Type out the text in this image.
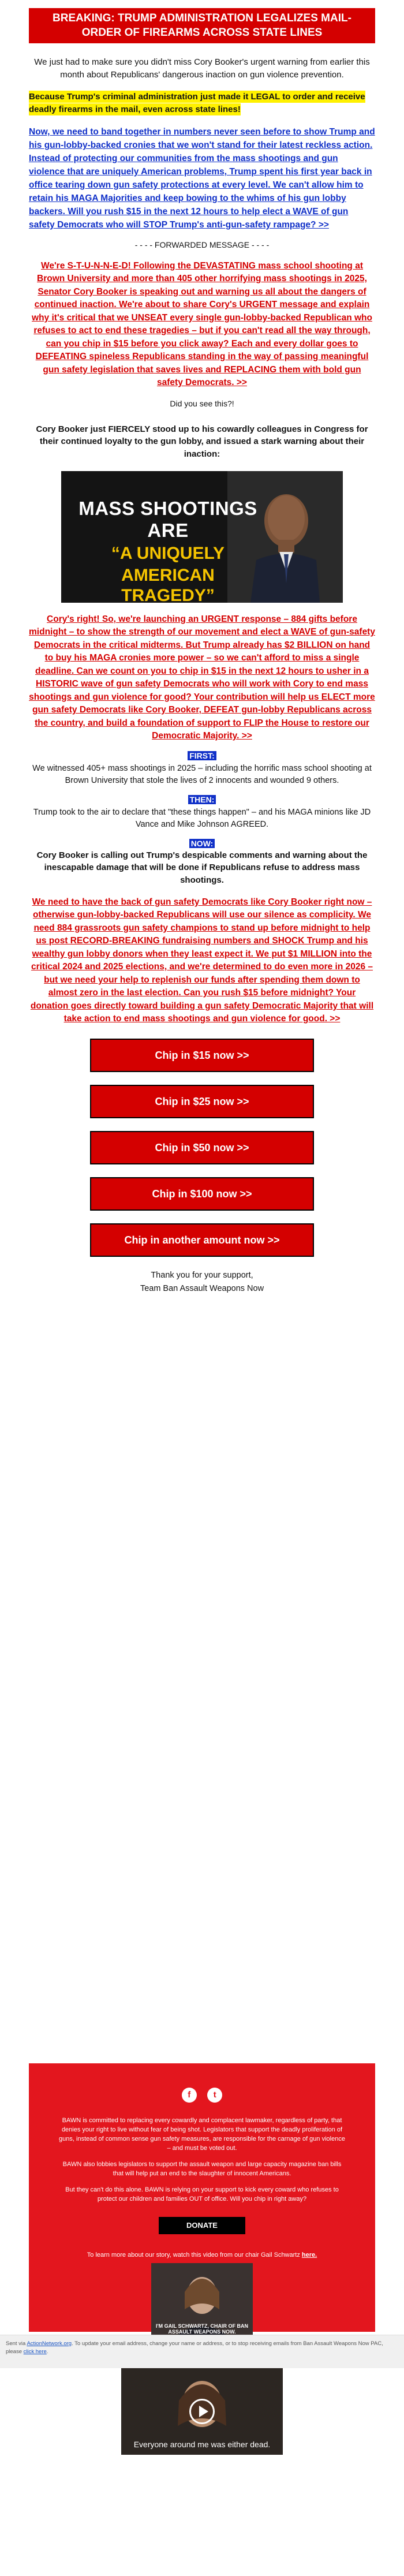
BREAKING: TRUMP ADMINISTRATION LEGALIZES MAIL-ORDER OF FIREARMS ACROSS STATE LINES

We just had to make sure you didn't miss Cory Booker's urgent warning from earlier this month about Republicans' dangerous inaction on gun violence prevention.

Because Trump's criminal administration just made it LEGAL to order and receive deadly firearms in the mail, even across state lines!

Now, we need to band together in numbers never seen before to show Trump and his gun-lobby-backed cronies that we won't stand for their latest reckless action. Instead of protecting our communities from the mass shootings and gun violence that are uniquely American problems, Trump spent his first year back in office tearing down gun safety protections at every level. We can't allow him to retain his MAGA Majorities and keep bowing to the whims of his gun lobby backers. Will you rush $15 in the next 12 hours to help elect a WAVE of gun safety Democrats who will STOP Trump's anti-gun-safety rampage? >>

- - - - FORWARDED MESSAGE - - - -

We're S-T-U-N-N-E-D! Following the DEVASTATING mass school shooting at Brown University and more than 405 other horrifying mass shootings in 2025, Senator Cory Booker is speaking out and warning us all about the dangers of continued inaction. We're about to share Cory's URGENT message and explain why it's critical that we UNSEAT every single gun-lobby-backed Republican who refuses to act to end these tragedies – but if you can't read all the way through, can you chip in $15 before you click away? Each and every dollar goes to DEFEATING spineless Republicans standing in the way of passing meaningful gun safety legislation that saves lives and REPLACING them with bold gun safety Democrats. >>

Did you see this?!

Cory Booker just FIERCELY stood up to his cowardly colleagues in Congress for their continued loyalty to the gun lobby, and issued a stark warning about their inaction:

MASS SHOOTINGS ARE
“A UNIQUELY
AMERICAN TRAGEDY”

Cory's right! So, we're launching an URGENT response – 884 gifts before midnight – to show the strength of our movement and elect a WAVE of gun-safety Democrats in the critical midterms. But Trump already has $2 BILLION on hand to buy his MAGA cronies more power – so we can't afford to miss a single deadline. Can we count on you to chip in $15 in the next 12 hours to usher in a HISTORIC wave of gun safety Democrats who will work with Cory to end mass shootings and gun violence for good? Your contribution will help us ELECT more gun safety Democrats like Cory Booker, DEFEAT gun-lobby Republicans across the country, and build a foundation of support to FLIP the House to restore our Democratic Majority. >>

FIRST:

We witnessed 405+ mass shootings in 2025 – including the horrific mass school shooting at Brown University that stole the lives of 2 innocents and wounded 9 others.

THEN:

Trump took to the air to declare that "these things happen" – and his MAGA minions like JD Vance and Mike Johnson AGREED.

NOW:

Cory Booker is calling out Trump's despicable comments and warning about the inescapable damage that will be done if Republicans refuse to address mass shootings.

We need to have the back of gun safety Democrats like Cory Booker right now – otherwise gun-lobby-backed Republicans will use our silence as complicity. We need 884 grassroots gun safety champions to stand up before midnight to help us post RECORD-BREAKING fundraising numbers and SHOCK Trump and his wealthy gun lobby donors when they least expect it. We put $1 MILLION into the critical 2024 and 2025 elections, and we're determined to do even more in 2026 – but we need your help to replenish our funds after spending them down to almost zero in the last election. Can you rush $15 before midnight? Your donation goes directly toward building a gun safety Democratic Majority that will take action to end mass shootings and gun violence for good. >>

Chip in $15 now >>
Chip in $25 now >>
Chip in $50 now >>
Chip in $100 now >>
Chip in another amount now >>

Thank you for your support,

Team Ban Assault Weapons Now

f	t

BAWN is committed to replacing every cowardly and complacent lawmaker, regardless of party, that denies your right to live without fear of being shot. Legislators that support the deadly proliferation of guns, instead of common sense gun safety measures, are responsible for the carnage of gun violence – and must be voted out.

BAWN also lobbies legislators to support the assault weapon and large capacity magazine ban bills that will help put an end to the slaughter of innocent Americans.

But they can't do this alone. BAWN is relying on your support to kick every coward who refuses to protect our children and families OUT of office. Will you chip in right away?

DONATE

To learn more about our story, watch this video from our chair Gail Schwartz here.

I'M GAIL SCHWARTZ, CHAIR OF BAN ASSAULT WEAPONS NOW.

Everyone around me was either dead.

If you want to stay updated but receive fewer emails, please let us know.

If you wish to unsubscribe, please click here

Ban Assault Weapons Now PAC
6619 S Dixie Hwy #148
Miami, FL 33143
United States
Paid for by Ban Assault Weapons Now PAC
Sent via ActionNetwork.org. To update your email address, change your name or address, or to stop receiving emails from Ban Assault Weapons Now PAC, please click here.
